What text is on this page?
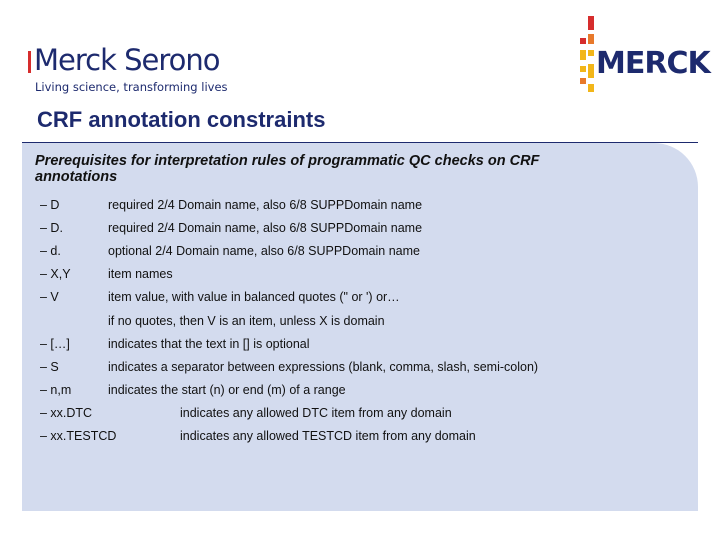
Merck Serono
Living science, transforming lives
MERCK
CRF annotation constraints
Prerequisites for interpretation rules of programmatic QC checks on CRF annotations
– D	required 2/4 Domain name, also 6/8 SUPPDomain name
– D.	required 2/4 Domain name, also 6/8 SUPPDomain name
– d.	optional 2/4 Domain name, also 6/8 SUPPDomain name
– X,Y	item names
– V	item value, with value in balanced quotes (" or ') or…
if no quotes, then V is an item, unless X is domain
– […]	indicates that the text in [] is optional
– S	indicates a separator between expressions (blank, comma, slash, semi-colon)
– n,m	indicates the start (n) or end (m) of a range
– xx.DTC	indicates any allowed DTC item from any domain
– xx.TESTCD	indicates any allowed TESTCD item from any domain
